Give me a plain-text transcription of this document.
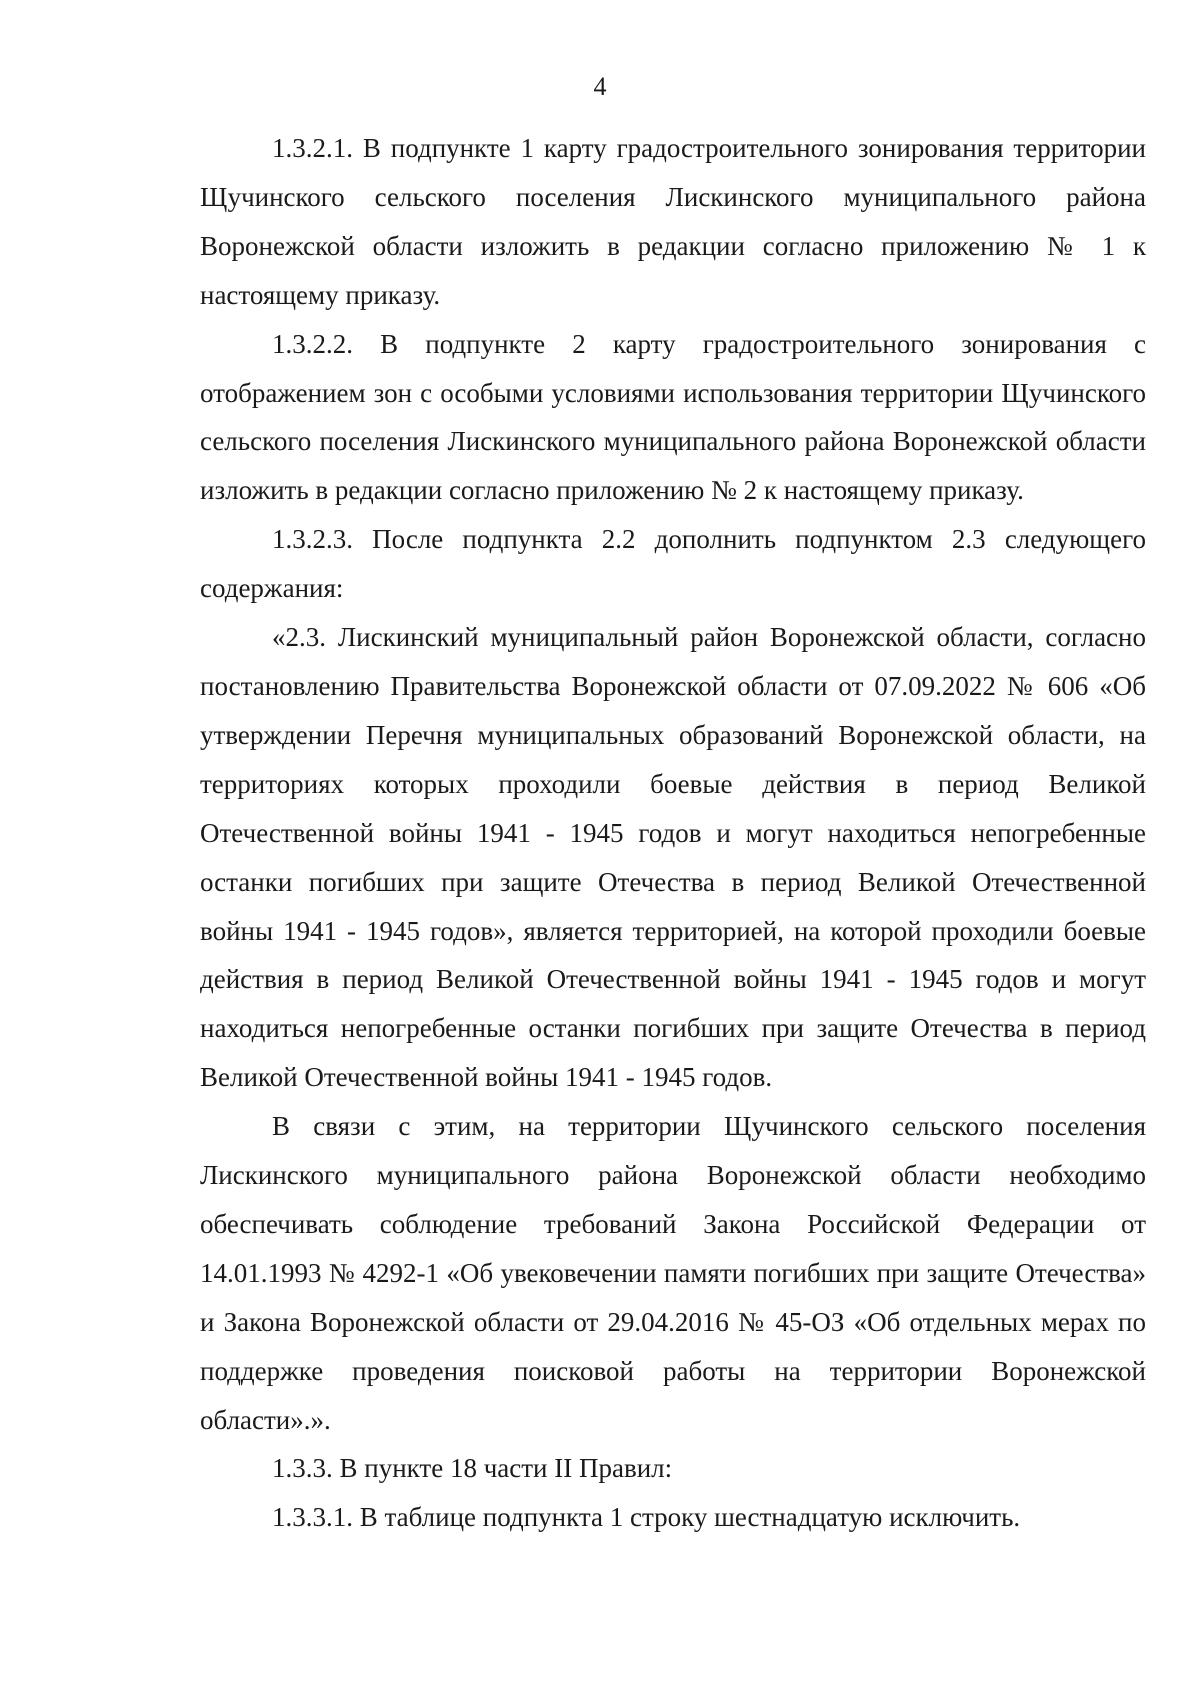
4

1.3.2.1. В подпункте 1 карту градостроительного зонирования территории Щучинского сельского поселения Лискинского муниципального района Воронежской области изложить в редакции согласно приложению № 1 к настоящему приказу.

1.3.2.2. В подпункте 2 карту градостроительного зонирования с отображением зон с особыми условиями использования территории Щучинского сельского поселения Лискинского муниципального района Воронежской области изложить в редакции согласно приложению № 2 к настоящему приказу.

1.3.2.3. После подпункта 2.2 дополнить подпунктом 2.3 следующего содержания:

«2.3. Лискинский муниципальный район Воронежской области, согласно постановлению Правительства Воронежской области от 07.09.2022 № 606 «Об утверждении Перечня муниципальных образований Воронежской области, на территориях которых проходили боевые действия в период Великой Отечественной войны 1941 - 1945 годов и могут находиться непогребенные останки погибших при защите Отечества в период Великой Отечественной войны 1941 - 1945 годов», является территорией, на которой проходили боевые действия в период Великой Отечественной войны 1941 - 1945 годов и могут находиться непогребенные останки погибших при защите Отечества в период Великой Отечественной войны 1941 - 1945 годов.

В связи с этим, на территории Щучинского сельского поселения Лискинского муниципального района Воронежской области необходимо обеспечивать соблюдение требований Закона Российской Федерации от 14.01.1993 № 4292-1 «Об увековечении памяти погибших при защите Отечества» и Закона Воронежской области от 29.04.2016 № 45-ОЗ «Об отдельных мерах по поддержке проведения поисковой работы на территории Воронежской области».».

1.3.3. В пункте 18 части II Правил:

1.3.3.1. В таблице подпункта 1 строку шестнадцатую исключить.
